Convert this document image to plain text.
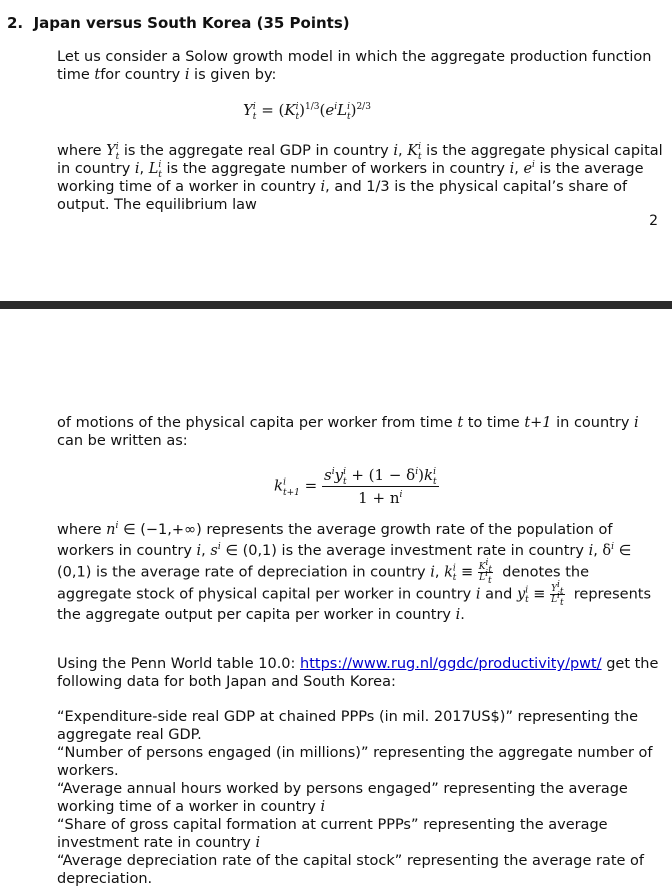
2. Japan versus South Korea (35 Points)
Let us consider a Solow growth model in which the aggregate production function time tfor country i is given by:
$Y^i_t = (K^i_t)^{1/3}(e^iL^i_t)^{2/3}$
where $Y^i_t$ is the aggregate real GDP in country i, $K^i_t$ is the aggregate physical capital in country i, $L^i_t$ is the aggregate number of workers in country i, $e^i$ is the average working time of a worker in country i, and 1/3 is the physical capital’s share of output. The equilibrium law
2
of motions of the physical capita per worker from time t to time t+1 in country i can be written as:
$k^i_{t+1} = \frac{s^iy^i_t + (1 - \delta^i)k^i_t}{1 + n^i}$
where $n^i$ ∈ (−1,+∞) represents the average growth rate of the population of workers in country i, $s^i$ ∈ (0,1) is the average investment rate in country i, $\delta^i$ ∈ (0,1) is the average rate of depreciation in country i, $k^i_t \equiv \frac{K^i_t}{L^i_t}$ denotes the aggregate stock of physical capital per worker in country i and $y^i_t \equiv \frac{Y^i_t}{L^i_t}$ represents the aggregate output per capita per worker in country i.
Using the Penn World table 10.0: https://www.rug.nl/ggdc/productivity/pwt/ get the following data for both Japan and South Korea:
“Expenditure-side real GDP at chained PPPs (in mil. 2017US$)” representing the aggregate real GDP.
“Number of persons engaged (in millions)” representing the aggregate number of workers.
“Average annual hours worked by persons engaged” representing the average working time of a worker in country i
“Share of gross capital formation at current PPPs” representing the average investment rate in country i
“Average depreciation rate of the capital stock” representing the average rate of depreciation.
